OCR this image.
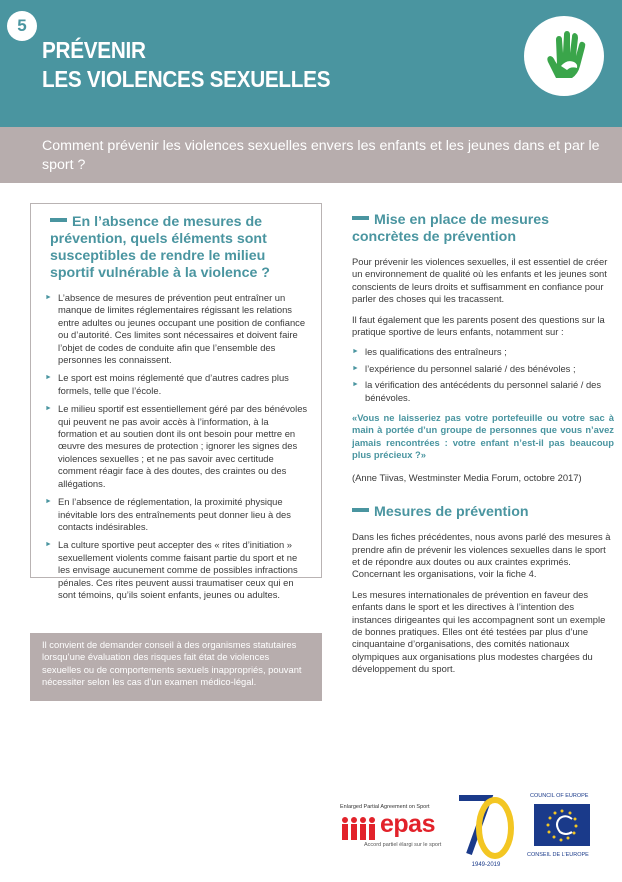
5
PRÉVENIR
LES VIOLENCES SEXUELLES
Comment prévenir les violences sexuelles envers les enfants et les jeunes dans et par le sport ?
En l’absence de mesures de prévention, quels éléments sont susceptibles de rendre le milieu sportif vulnérable à la violence ?
► L’absence de mesures de prévention peut entraîner un manque de limites réglementaires régissant les relations entre adultes ou jeunes occupant une position de confiance ou d’autorité. Ces limites sont nécessaires et doivent faire l’objet de codes de conduite afin que l’ensemble des personnes les connaissent.
► Le sport est moins réglementé que d’autres cadres plus formels, telle que l’école.
► Le milieu sportif est essentiellement géré par des bénévoles qui peuvent ne pas avoir accès à l’information, à la formation et au soutien dont ils ont besoin pour mettre en œuvre des mesures de protection ; ignorer les signes des violences sexuelles ; et ne pas savoir avec certitude comment réagir face à des doutes, des craintes ou des allégations.
► En l’absence de réglementation, la proximité physique inévitable lors des entraînements peut donner lieu à des contacts indésirables.
► La culture sportive peut accepter des « rites d’initiation » sexuellement violents comme faisant partie du sport et ne les envisage aucunement comme de possibles infractions pénales. Ces rites peuvent aussi traumatiser ceux qui en sont témoins, qu’ils soient enfants, jeunes ou adultes.
Il convient de demander conseil à des organismes statutaires lorsqu’une évaluation des risques fait état de violences sexuelles ou de comportements sexuels inappropriés, pouvant nécessiter selon les cas d’un examen médico-légal.
Mise en place de mesures concrètes de prévention

Pour prévenir les violences sexuelles, il est essentiel de créer un environnement de qualité où les enfants et les jeunes sont conscients de leurs droits et suffisamment en confiance pour parler des choses qui les tracassent.

Il faut également que les parents posent des questions sur la pratique sportive de leurs enfants, notamment sur :

► les qualifications des entraîneurs ;
► l’expérience du personnel salarié / des bénévoles ;
► la vérification des antécédents du personnel salarié / des bénévoles.

«Vous ne laisseriez pas votre portefeuille ou votre sac à main à portée d’un groupe de personnes que vous n’avez jamais rencontrées : votre enfant n’est-il pas beaucoup plus précieux ?»

(Anne Tiivas, Westminster Media Forum, octobre 2017)

Mesures de prévention

Dans les fiches précédentes, nous avons parlé des mesures à prendre afin de prévenir les violences sexuelles dans le sport et de répondre aux doutes ou aux craintes exprimés. Concernant les organisations, voir la fiche 4.

Les mesures internationales de prévention en faveur des enfants dans le sport et les directives à l’intention des instances dirigeantes qui les accompagnent sont un exemple de bonnes pratiques. Elles ont été testées par plus d’une cinquantaine d’organisations, des comités nationaux olympiques aux organisations plus modestes chargées du développement du sport.

Enlarged Partial Agreement on Sport
epas
Accord partiel élargi sur le sport
1949-2019
COUNCIL OF EUROPE
CONSEIL DE L’EUROPE
